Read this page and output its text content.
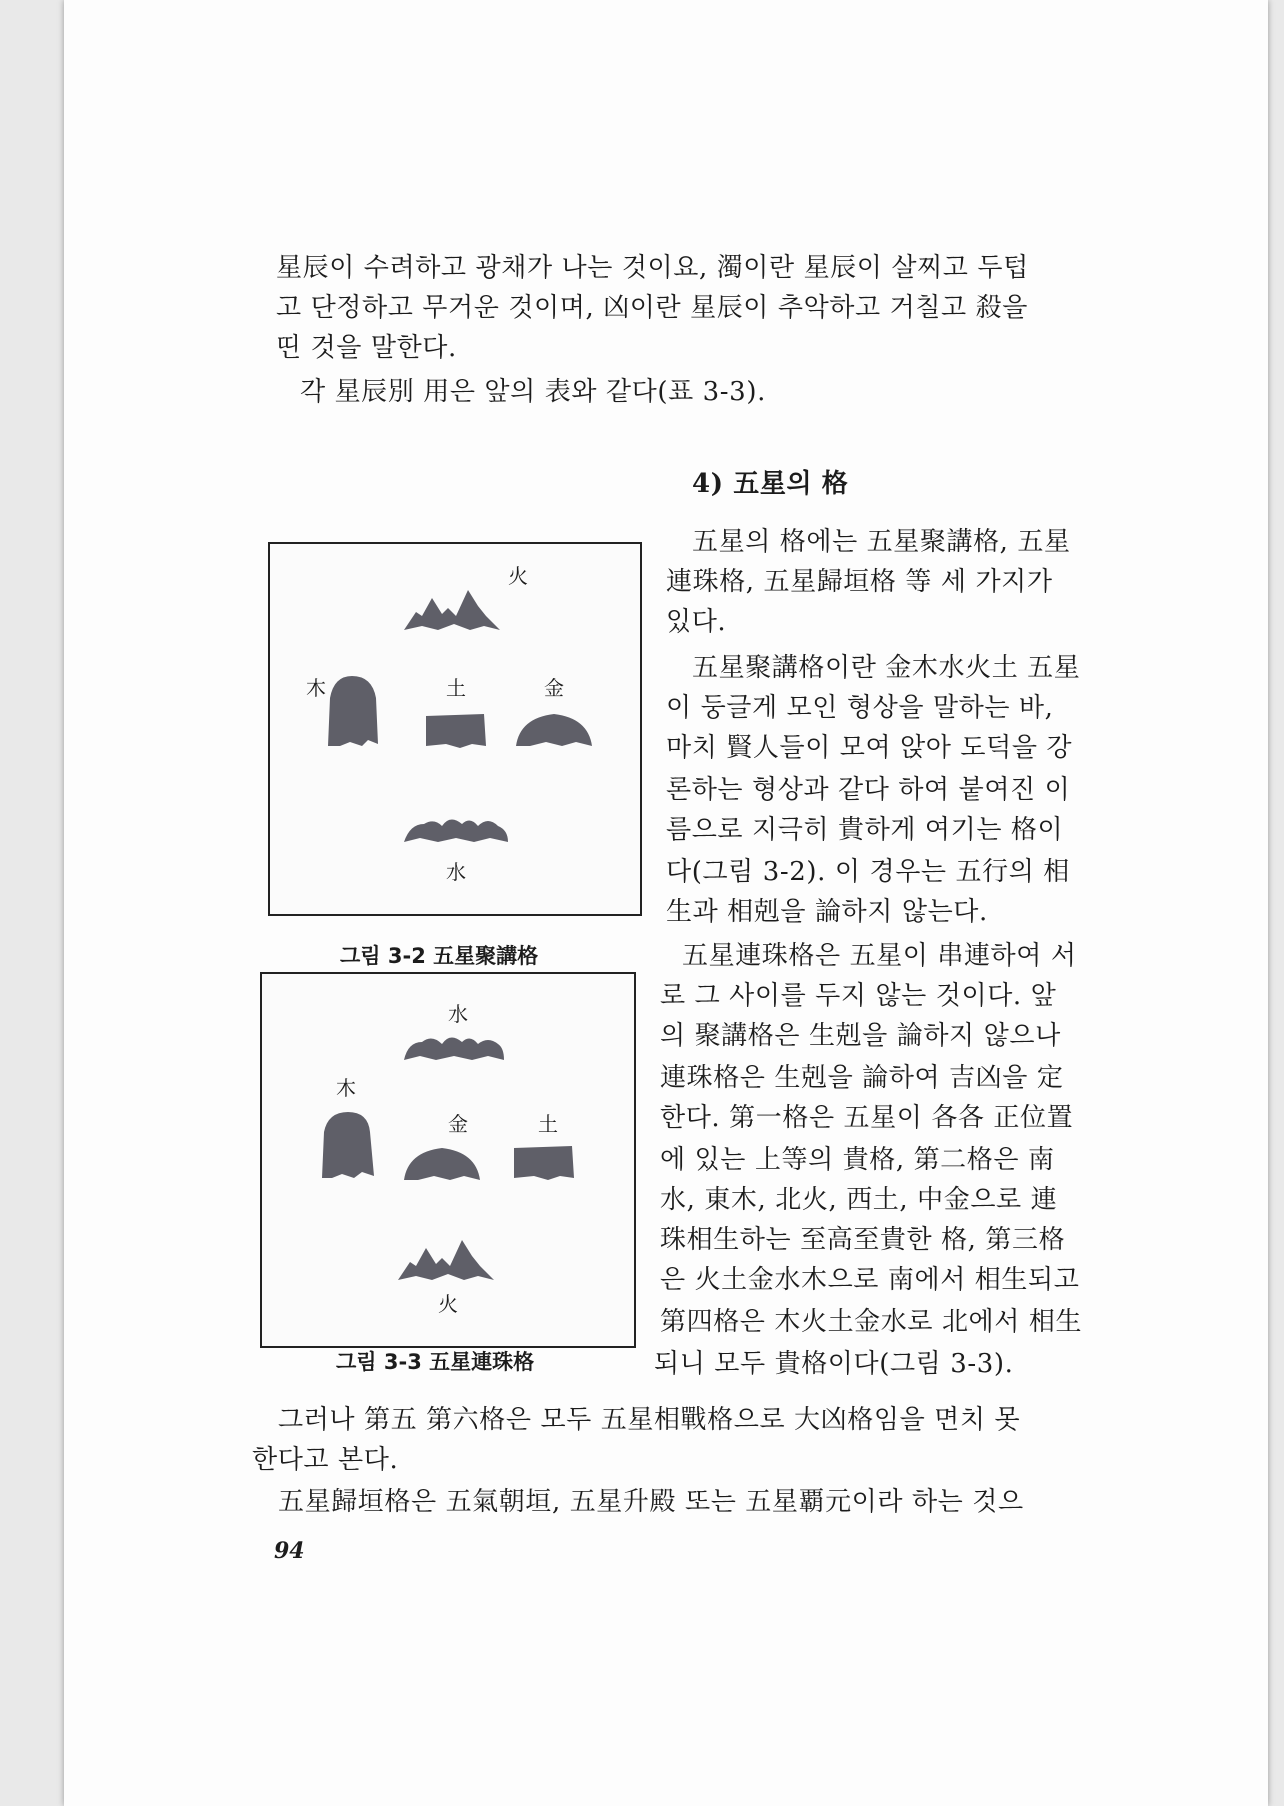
星辰이 수려하고 광채가 나는 것이요, 濁이란 星辰이 살찌고 두텁
고 단정하고 무거운 것이며, 凶이란 星辰이 추악하고 거칠고 殺을
띤 것을 말한다.
각 星辰別 用은 앞의 表와 같다(표 3-3).
4) 五星의 格
五星의 格에는 五星聚講格, 五星
連珠格, 五星歸垣格 等 세 가지가
있다.
五星聚講格이란 金木水火土 五星
이 둥글게 모인 형상을 말하는 바,
마치 賢人들이 모여 앉아 도덕을 강
론하는 형상과 같다 하여 붙여진 이
름으로 지극히 貴하게 여기는 格이
다(그림 3-2). 이 경우는 五行의 相
生과 相剋을 論하지 않는다.
五星連珠格은 五星이 串連하여 서
로 그 사이를 두지 않는 것이다. 앞
의 聚講格은 生剋을 論하지 않으나
連珠格은 生剋을 論하여 吉凶을 定
한다. 第一格은 五星이 各各 正位置
에 있는 上等의 貴格, 第二格은 南
水, 東木, 北火, 西土, 中金으로 連
珠相生하는 至高至貴한 格, 第三格
은 火土金水木으로 南에서 相生되고
第四格은 木火土金水로 北에서 相生
되니 모두 貴格이다(그림 3-3).
火
木	土	金
水
그림 3-2 五星聚講格
水
木
金	土
火
그림 3-3 五星連珠格
그러나 第五 第六格은 모두 五星相戰格으로 大凶格임을 면치 못
한다고 본다.
五星歸垣格은 五氣朝垣, 五星升殿 또는 五星覇元이라 하는 것으
94
